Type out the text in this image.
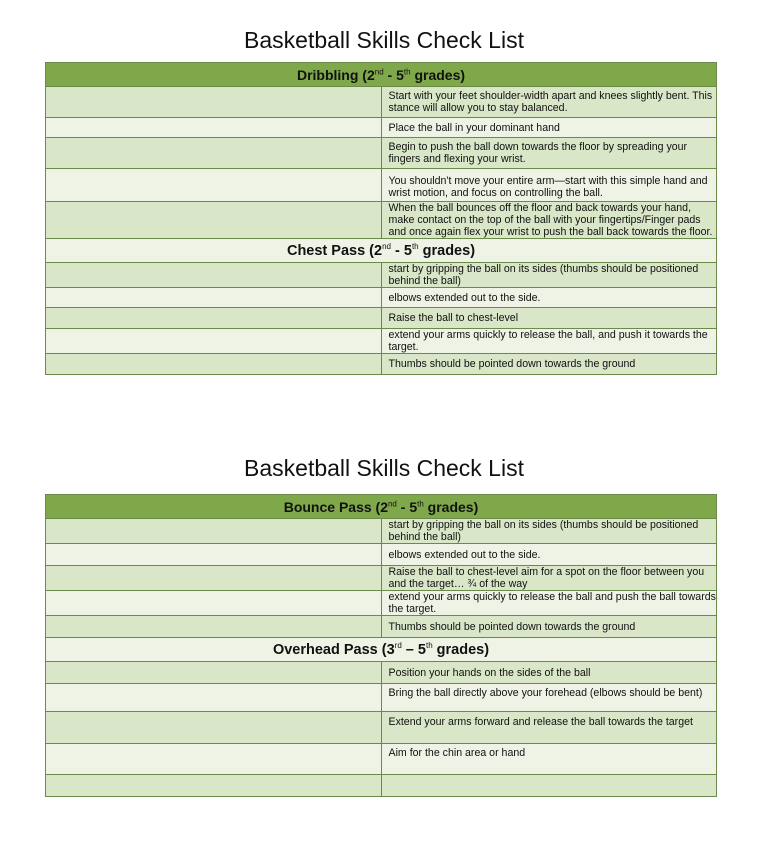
Basketball Skills Check List
Dribbling (2nd - 5th grades)	
	Start with your feet shoulder-width apart and knees slightly bent. This stance will allow you to stay balanced.
	Place the ball in your dominant hand
	Begin to push the ball down towards the floor by spreading your fingers and flexing your wrist.
	You shouldn't move your entire arm—start with this simple hand and wrist motion, and focus on controlling the ball.
	When the ball bounces off the floor and back towards your hand, make contact on the top of the ball with your fingertips/Finger pads and once again flex your wrist to push the ball back towards the floor.
Chest Pass (2nd - 5th grades)	
	start by gripping the ball on its sides (thumbs should be positioned behind the ball)
	elbows extended out to the side.
	Raise the ball to chest-level
	extend your arms quickly to release the ball, and push it towards the target.
	Thumbs should be pointed down towards the ground
Basketball Skills Check List
Bounce Pass (2nd - 5th grades)	
	start by gripping the ball on its sides (thumbs should be positioned behind the ball)
	elbows extended out to the side.
	Raise the ball to chest-level aim for a spot on the floor between you and the target… ¾ of the way
	extend your arms quickly to release the ball and push the ball towards the target.
	Thumbs should be pointed down towards the ground
Overhead Pass (3rd – 5th grades)	
	Position your hands on the sides of the ball
	Bring the ball directly above your forehead (elbows should be bent)
	Extend your arms forward and release the ball towards the target
	Aim for the chin area or hand
